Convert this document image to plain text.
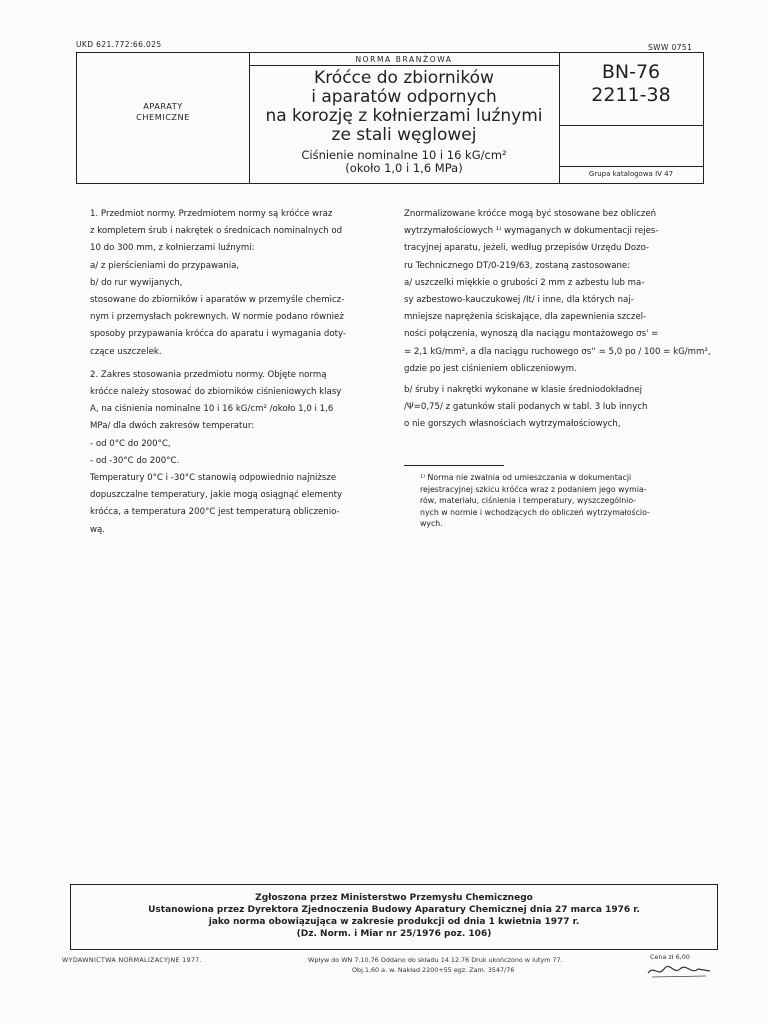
UKD 621.772:66.025	SWW 0751
NORMA BRANŻOWA
APARATY
CHEMICZNE
Króćce do zbiorników
i aparatów odpornych
na korozję z kołnierzami luźnymi
ze stali węglowej
Ciśnienie nominalne 10 i 16 kG/cm²
(około 1,0 i 1,6 MPa)
BN-76
2211-38
Grupa katalogowa IV 47

1. Przedmiot normy. Przedmiotem normy są króćce wraz

z kompletem śrub i nakrętek o średnicach nominalnych od

10 do 300 mm, z kołnierzami luźnymi:

a/ z pierścieniami do przypawania,

b/ do rur wywijanych,

stosowane do zbiorników i aparatów w przemyśle chemicz-

nym i przemysłach pokrewnych. W normie podano również

sposoby przypawania króćca do aparatu i wymagania doty-

czące uszczelek.

2. Zakres stosowania przedmiotu normy. Objęte normą

króćce należy stosować do zbiorników ciśnieniowych klasy

A, na ciśnienia nominalne 10 i 16 kG/cm² /około 1,0 i 1,6

MPa/ dla dwóch zakresów temperatur:

- od 0°C do 200°C,

- od -30°C do 200°C.

Temperatury 0°C i -30°C stanowią odpowiednio najniższe

dopuszczalne temperatury, jakie mogą osiągnąć elementy

króćca, a temperatura 200°C jest temperaturą obliczenio-

wą.

Znormalizowane króćce mogą być stosowane bez obliczeń

wytrzymałościowych ¹⁾ wymaganych w dokumentacji rejes-

tracyjnej aparatu, jeżeli, według przepisów Urzędu Dozo-

ru Technicznego DT/0-219/63, zostaną zastosowane:

a/ uszczelki miękkie o grubości 2 mm z azbestu lub ma-

sy azbestowo-kauczukowej /It/ i inne, dla których naj-

mniejsze naprężenia ściskające, dla zapewnienia szczel-

ności połączenia, wynoszą dla naciągu montażowego σs' =

= 2,1 kG/mm², a dla naciągu ruchowego σs'' = 5,0 po / 100 = kG/mm²,

gdzie po jest ciśnieniem obliczeniowym.

b/ śruby i nakrętki wykonane w klasie średniodokładnej

/Ψ=0,75/ z gatunków stali podanych w tabl. 3 lub innych

o nie gorszych własnościach wytrzymałościowych,

¹⁾ Norma nie zwalnia od umieszczania w dokumentacji
rejestracyjnej szkicu króćca wraz z podaniem jego wymia-
rów, materiału, ciśnienia i temperatury, wyszczególnio-
nych w normie i wchodzących do obliczeń wytrzymałościo-
wych.
Zgłoszona przez Ministerstwo Przemysłu Chemicznego
Ustanowiona przez Dyrektora Zjednoczenia Budowy Aparatury Chemicznej dnia 27 marca 1976 r.
jako norma obowiązująca w zakresie produkcji od dnia 1 kwietnia 1977 r.
(Dz. Norm. i Miar nr 25/1976 poz. 106)
WYDAWNICTWA NORMALIZACYJNE 1977.	Wpływ do WN 7.10.76 Oddano do składu 14.12.76 Druk ukończono w lutym 77.
Obj.1,60 a. w. Nakład 2200+55 egz. Zam. 3547/76
Cena zł 6,00
